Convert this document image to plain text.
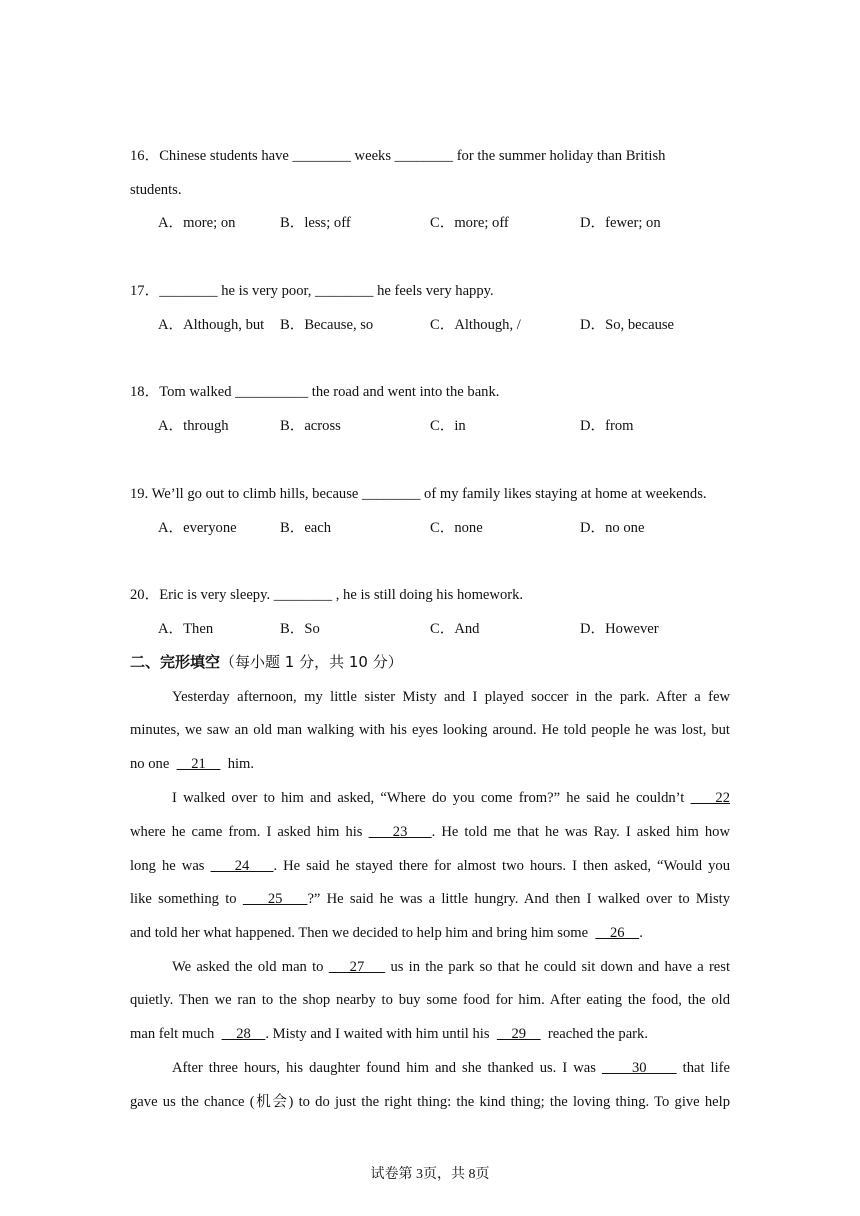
16．Chinese students have ________ weeks ________ for the summer holiday than British
students.
A．more; on	B．less; off	C．more; off	D．fewer; on
17．________ he is very poor, ________ he feels very happy.
A．Although, but B．Because, so	C．Although, /	D．So, because
18．Tom walked __________ the road and went into the bank.
A．through	B．across	C．in	D．from
19. We’ll go out to climb hills, because ________ of my family likes staying at home at weekends.
A．everyone	B．each	C．none	D．no one
20．Eric is very sleepy. ________ , he is still doing his homework.
A．Then	B．So	C．And	D．However
二、完形填空（每小题 1 分，共 10 分）
Yesterday afternoon, my little sister Misty and I played soccer in the park. After a few
minutes, we saw an old man walking with his eyes looking around. He told people he was lost, but
no one      21      him.
I walked over to him and asked, “Where do you come from?” he said he couldn’t     22
where he came from. I asked him his     23    . He told me that he was Ray. I asked him how
long he was     24    . He said he stayed there for almost two hours. I then asked, “Would you
like something to     25    ?” He said he was a little hungry. And then I walked over to Misty
and told her what happened. Then we decided to help him and bring him some      26    .
We asked the old man to     27     us in the park so that he could sit down and have a rest
quietly. Then we ran to the shop nearby to buy some food for him. After eating the food, the old
man felt much      28    . Misty and I waited with him until his      29      reached the park.
After three hours, his daughter found him and she thanked us. I was      30      that life
gave us the chance (机会) to do just the right thing: the kind thing; the loving thing. To give help
试卷第 3页，共 8页
